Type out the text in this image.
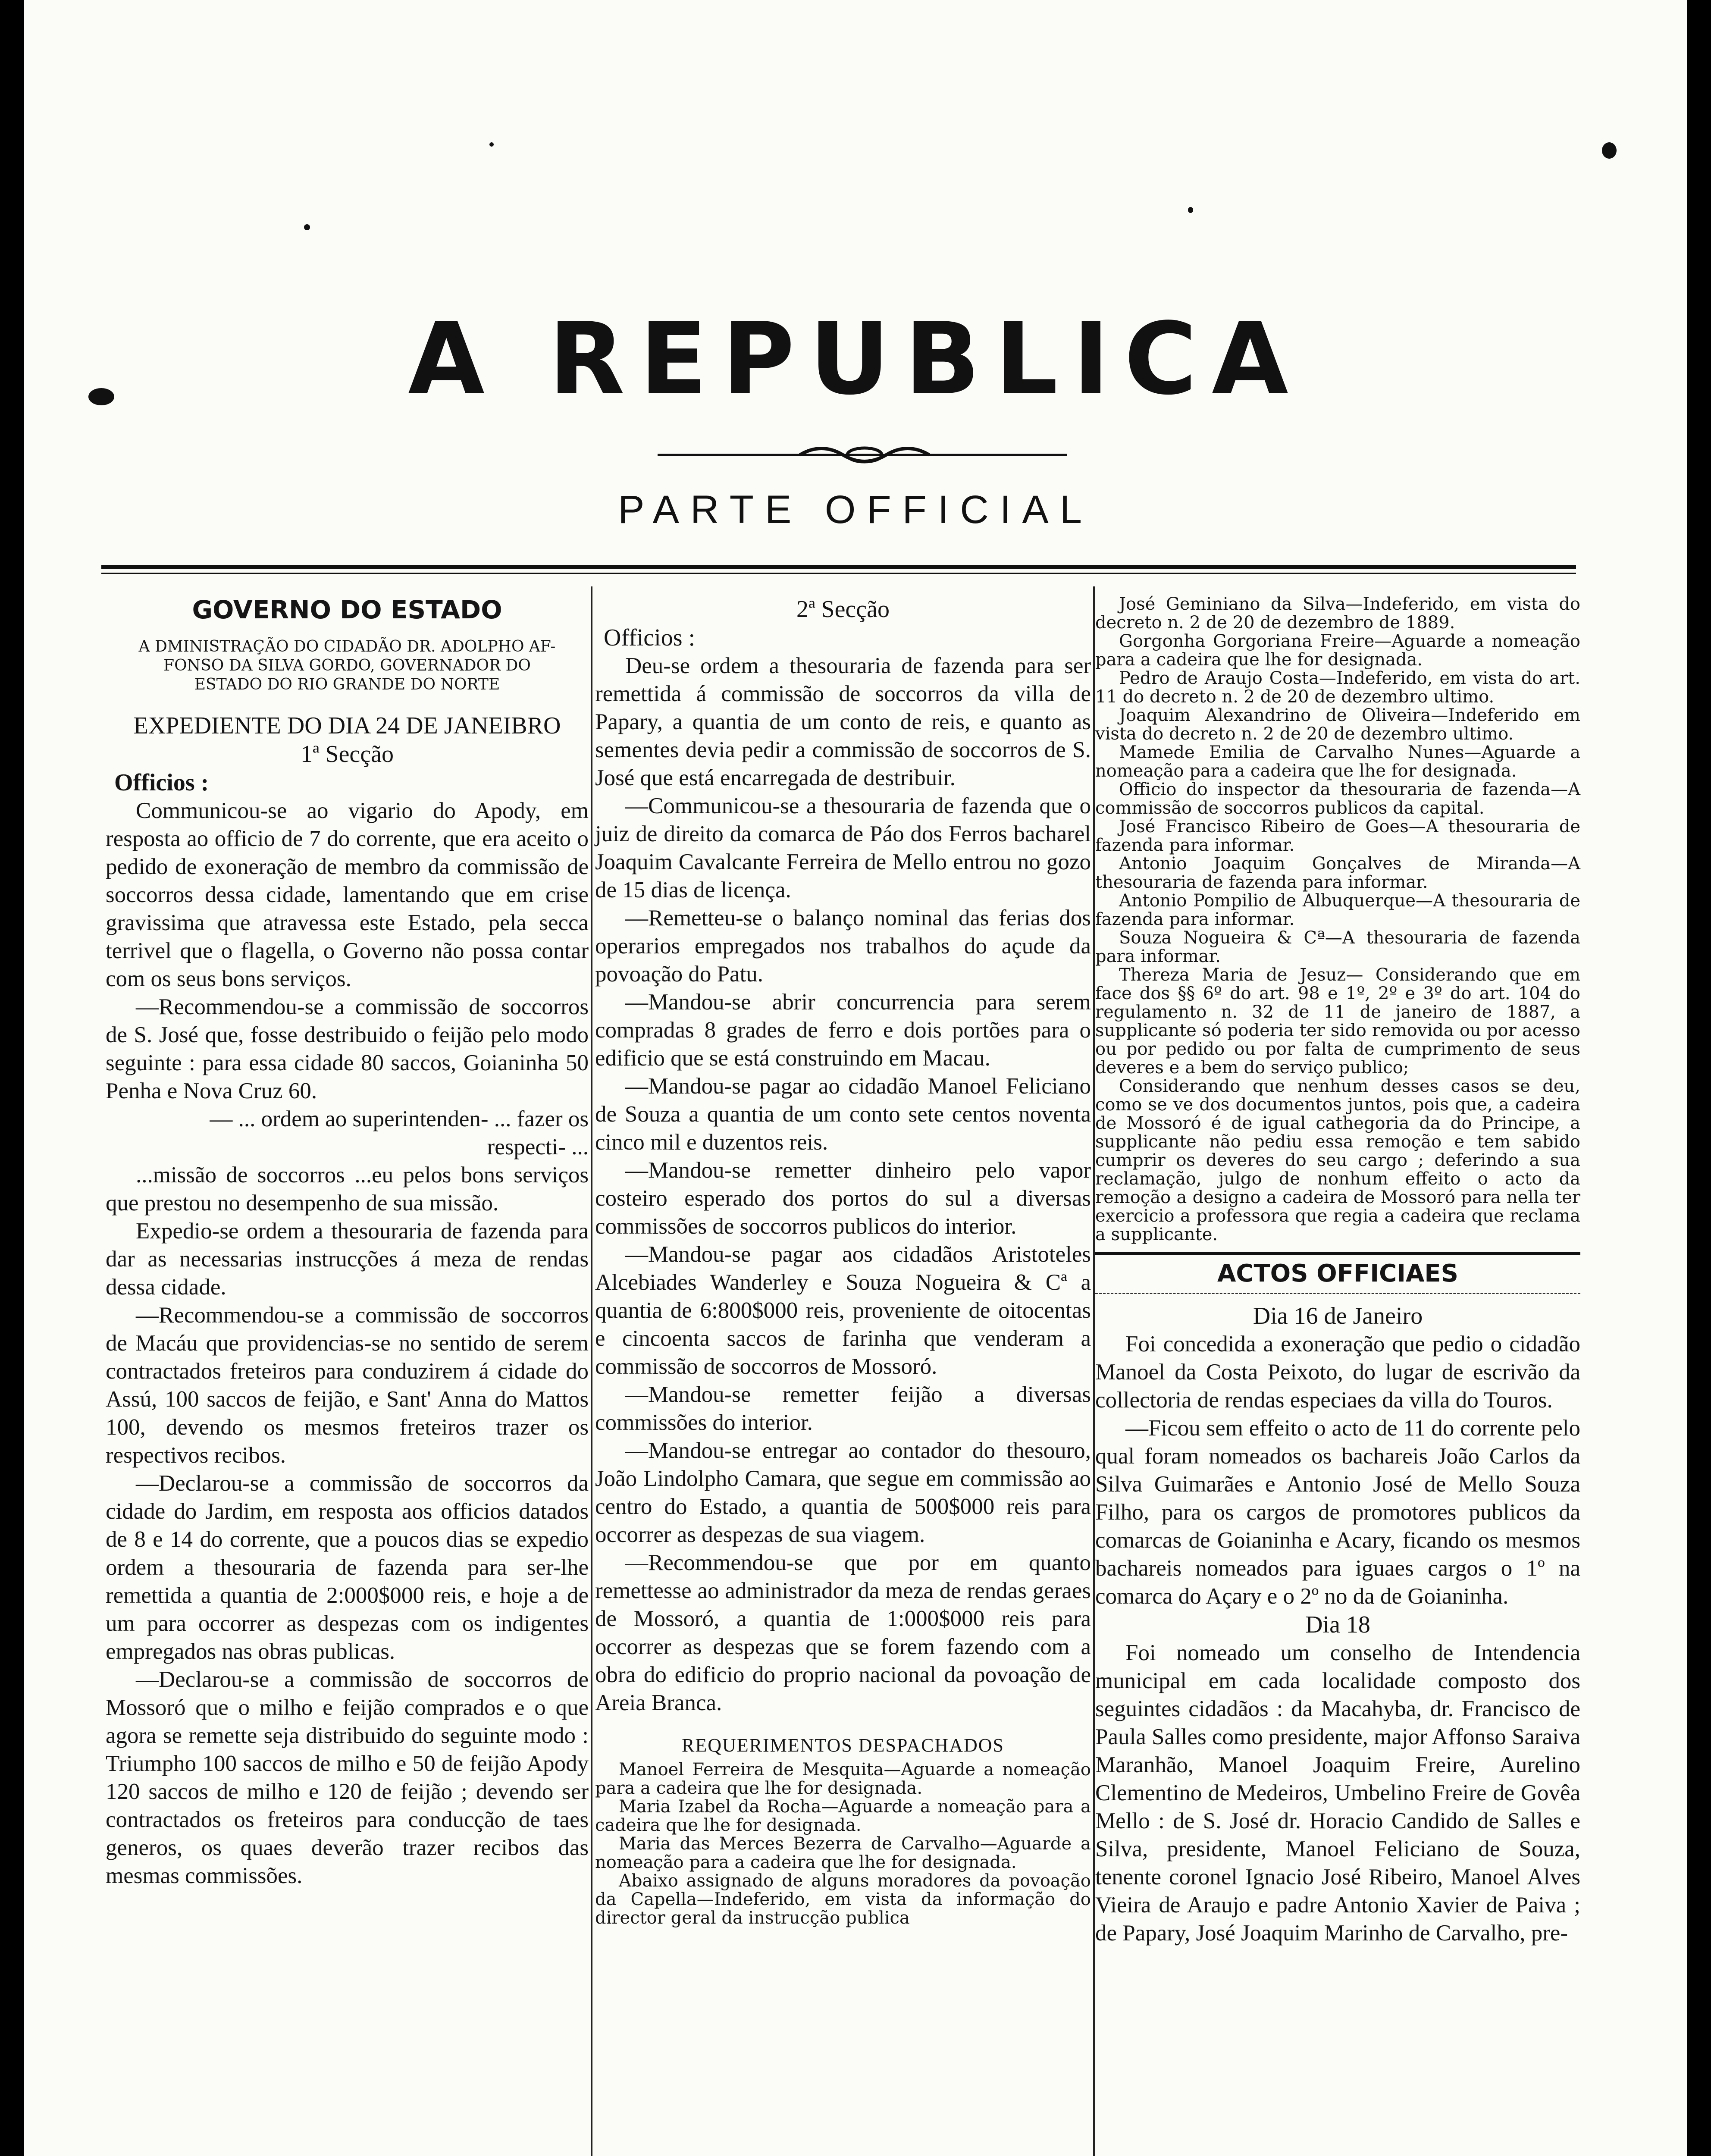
A REPUBLICA
PARTE OFFICIAL

GOVERNO DO ESTADO

A DMINISTRAÇÃO DO CIDADÃO DR. ADOLPHO AF- FONSO DA SILVA GORDO, GOVERNADOR DO ESTADO DO RIO GRANDE DO NORTE

EXPEDIENTE DO DIA 24 DE JANEIBRO

1ª Secção

Officios :

Communicou-se ao vigario do Apody, em resposta ao officio de 7 do corrente, que era aceito o pedido de exoneração de membro da commissão de soccorros dessa cidade, lamentando que em crise gravissima que atravessa este Estado, pela secca terrivel que o flagella, o Governo não possa contar com os seus bons serviços.

—Recommendou-se a commissão de soccorros de S. José que, fosse destribuido o feijão pelo modo seguinte : para essa cidade 80 saccos, Goianinha 50 Penha e Nova Cruz 60.

— ... ordem ao superintenden- ... fazer os respecti- ...

...missão de soccorros ...eu pelos bons serviços que prestou no desempenho de sua missão.

Expedio-se ordem a thesouraria de fazenda para dar as necessarias instrucções á meza de rendas dessa cidade.

—Recommendou-se a commissão de soccorros de Macáu que providencias-se no sentido de serem contractados freteiros para conduzirem á cidade do Assú, 100 saccos de feijão, e Sant' Anna do Mattos 100, devendo os mesmos freteiros trazer os respectivos recibos.

—Declarou-se a commissão de soccorros da cidade do Jardim, em resposta aos officios datados de 8 e 14 do corrente, que a poucos dias se expedio ordem a thesouraria de fazenda para ser-lhe remettida a quantia de 2:000$000 reis, e hoje a de um para occorrer as despezas com os indigentes empregados nas obras publicas.

—Declarou-se a commissão de soccorros de Mossoró que o milho e feijão comprados e o que agora se remette seja distribuido do seguinte modo : Triumpho 100 saccos de milho e 50 de feijão Apody 120 saccos de milho e 120 de feijão ; devendo ser contractados os freteiros para conducção de taes generos, os quaes deverão trazer recibos das mesmas commissões.

2ª Secção

Officios :

Deu-se ordem a thesouraria de fazenda para ser remettida á commissão de soccorros da villa de Papary, a quantia de um conto de reis, e quanto as sementes devia pedir a commissão de soccorros de S. José que está encarregada de destribuir.

—Communicou-se a thesouraria de fazenda que o juiz de direito da comarca de Páo dos Ferros bacharel Joaquim Cavalcante Ferreira de Mello entrou no gozo de 15 dias de licença.

—Remetteu-se o balanço nominal das ferias dos operarios empregados nos trabalhos do açude da povoação do Patu.

—Mandou-se abrir concurrencia para serem compradas 8 grades de ferro e dois portões para o edificio que se está construindo em Macau.

—Mandou-se pagar ao cidadão Manoel Feliciano de Souza a quantia de um conto sete centos noventa cinco mil e duzentos reis.

—Mandou-se remetter dinheiro pelo vapor costeiro esperado dos portos do sul a diversas commissões de soccorros publicos do interior.

—Mandou-se pagar aos cidadãos Aristoteles Alcebiades Wanderley e Souza Nogueira & Cª a quantia de 6:800$000 reis, proveniente de oitocentas e cincoenta saccos de farinha que venderam a commissão de soccorros de Mossoró.

—Mandou-se remetter feijão a diversas commissões do interior.

—Mandou-se entregar ao contador do thesouro, João Lindolpho Camara, que segue em commissão ao centro do Estado, a quantia de 500$000 reis para occorrer as despezas de sua viagem.

—Recommendou-se que por em quanto remettesse ao administrador da meza de rendas geraes de Mossoró, a quantia de 1:000$000 reis para occorrer as despezas que se forem fazendo com a obra do edificio do proprio nacional da povoação de Areia Branca.

REQUERIMENTOS DESPACHADOS

Manoel Ferreira de Mesquita—Aguarde a nomeação para a cadeira que lhe for designada.

Maria Izabel da Rocha—Aguarde a nomeação para a cadeira que lhe for designada.

Maria das Merces Bezerra de Carvalho—Aguarde a nomeação para a cadeira que lhe for designada.

Abaixo assignado de alguns moradores da povoação da Capella—Indeferido, em vista da informação do director geral da instrucção publica

José Geminiano da Silva—Indeferido, em vista do decreto n. 2 de 20 de dezembro de 1889.

Gorgonha Gorgoriana Freire—Aguarde a nomeação para a cadeira que lhe for designada.

Pedro de Araujo Costa—Indeferido, em vista do art. 11 do decreto n. 2 de 20 de dezembro ultimo.

Joaquim Alexandrino de Oliveira—Indeferido em vista do decreto n. 2 de 20 de dezembro ultimo.

Mamede Emilia de Carvalho Nunes—Aguarde a nomeação para a cadeira que lhe for designada.

Officio do inspector da thesouraria de fazenda—A commissão de soccorros publicos da capital.

José Francisco Ribeiro de Goes—A thesouraria de fazenda para informar.

Antonio Joaquim Gonçalves de Miranda—A thesouraria de fazenda para informar.

Antonio Pompilio de Albuquerque—A thesouraria de fazenda para informar.

Souza Nogueira & Cª—A thesouraria de fazenda para informar.

Thereza Maria de Jesuz— Considerando que em face dos §§ 6º do art. 98 e 1º, 2º e 3º do art. 104 do regulamento n. 32 de 11 de janeiro de 1887, a supplicante só poderia ter sido removida ou por acesso ou por pedido ou por falta de cumprimento de seus deveres e a bem do serviço publico;

Considerando que nenhum desses casos se deu, como se ve dos documentos juntos, pois que, a cadeira de Mossoró é de igual cathegoria da do Principe, a supplicante não pediu essa remoção e tem sabido cumprir os deveres do seu cargo ; deferindo a sua reclamação, julgo de nonhum effeito o acto da remoção a designo a cadeira de Mossoró para nella ter exercicio a professora que regia a cadeira que reclama a supplicante.

ACTOS OFFICIAES

Dia 16 de Janeiro

Foi concedida a exoneração que pedio o cidadão Manoel da Costa Peixoto, do lugar de escrivão da collectoria de rendas especiaes da villa do Touros.

—Ficou sem effeito o acto de 11 do corrente pelo qual foram nomeados os bachareis João Carlos da Silva Guimarães e Antonio José de Mello Souza Filho, para os cargos de promotores publicos da comarcas de Goianinha e Acary, ficando os mesmos bachareis nomeados para iguaes cargos o 1º na comarca do Açary e o 2º no da de Goianinha.

Dia 18

Foi nomeado um conselho de Intendencia municipal em cada localidade composto dos seguintes cidadãos : da Macahyba, dr. Francisco de Paula Salles como presidente, major Affonso Saraiva Maranhão, Manoel Joaquim Freire, Aurelino Clementino de Medeiros, Umbelino Freire de Govêa Mello : de S. José dr. Horacio Candido de Salles e Silva, presidente, Manoel Feliciano de Souza, tenente coronel Ignacio José Ribeiro, Manoel Alves Vieira de Araujo e padre Antonio Xavier de Paiva ; de Papary, José Joaquim Marinho de Carvalho, pre-
